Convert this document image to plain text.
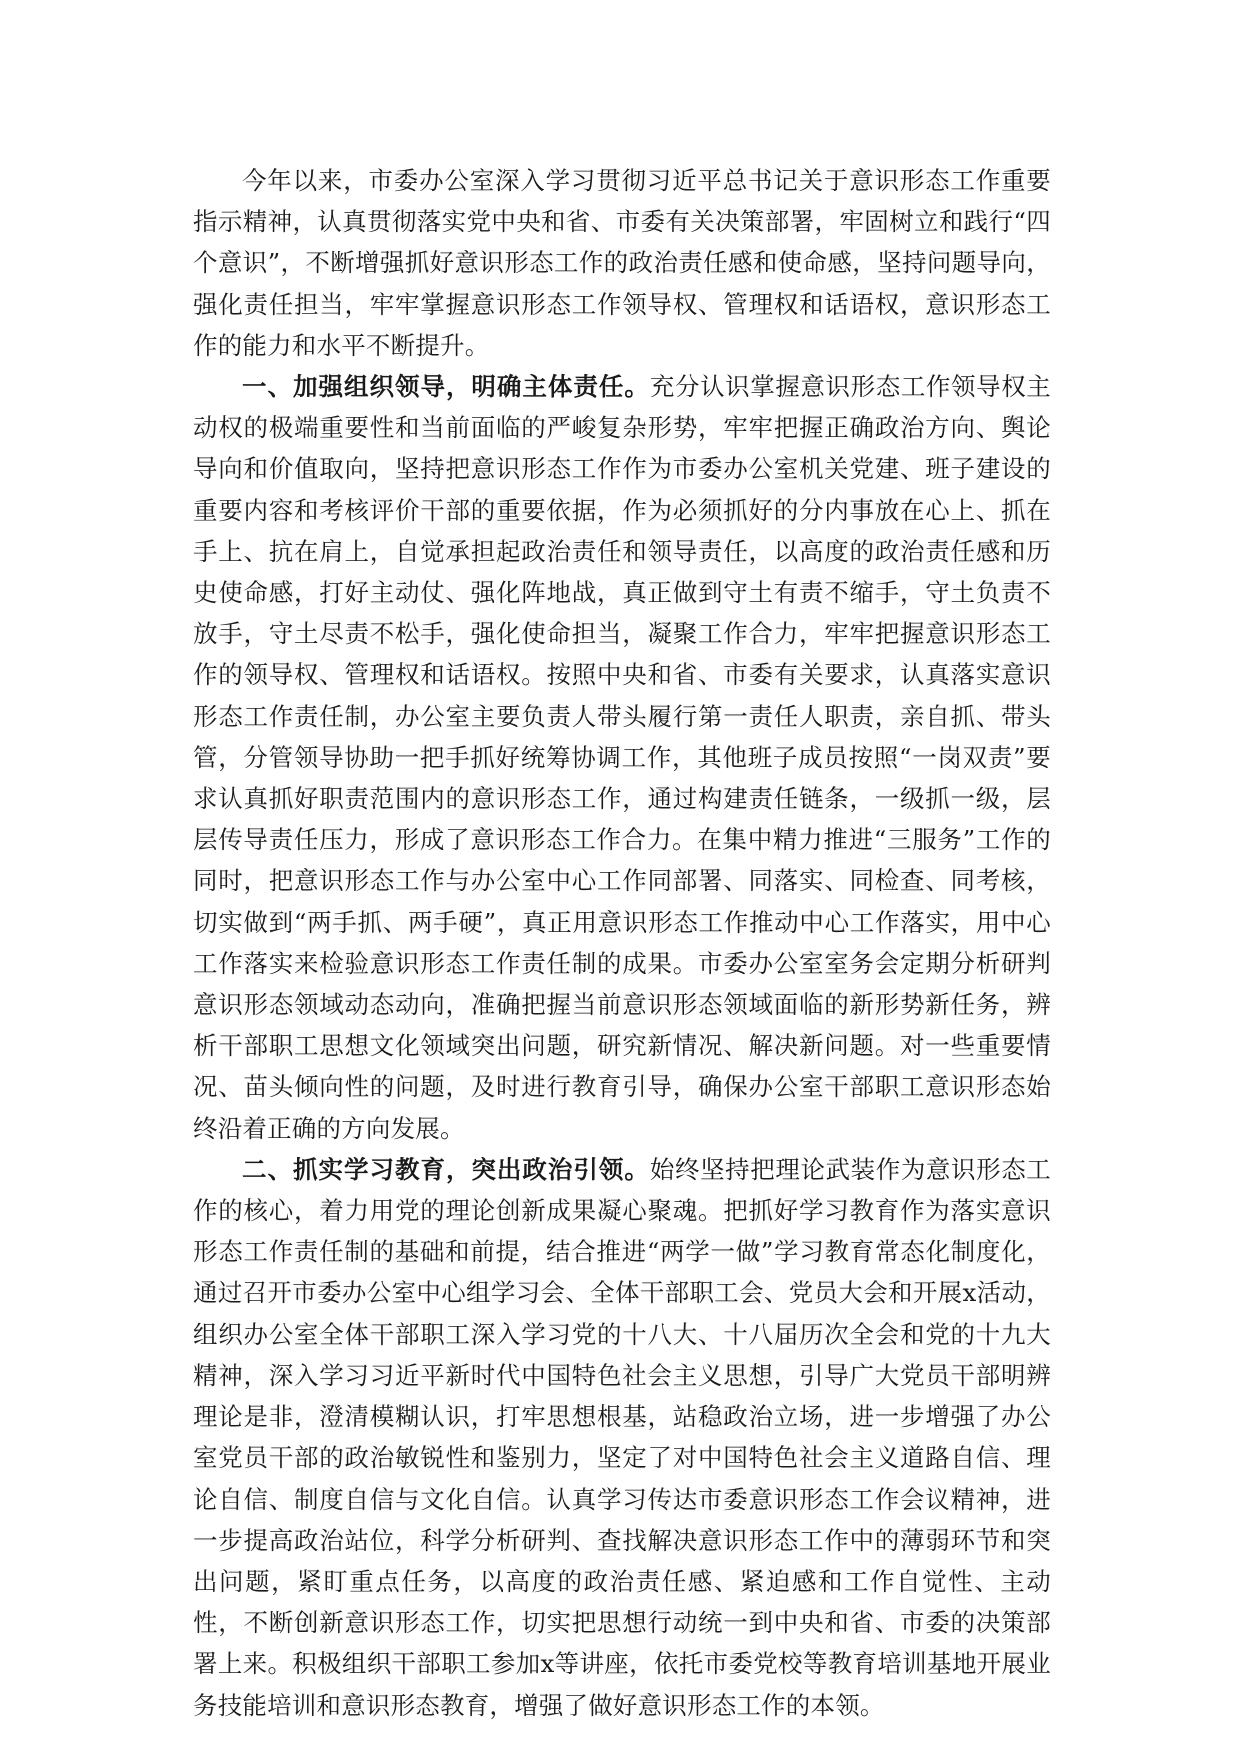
今年以来，市委办公室深入学习贯彻习近平总书记关于意识形态工作重要指示精神，认真贯彻落实党中央和省、市委有关决策部署，牢固树立和践行“四个意识”，不断增强抓好意识形态工作的政治责任感和使命感，坚持问题导向，强化责任担当，牢牢掌握意识形态工作领导权、管理权和话语权，意识形态工作的能力和水平不断提升。

一、加强组织领导，明确主体责任。充分认识掌握意识形态工作领导权主动权的极端重要性和当前面临的严峻复杂形势，牢牢把握正确政治方向、舆论导向和价值取向，坚持把意识形态工作作为市委办公室机关党建、班子建设的重要内容和考核评价干部的重要依据，作为必须抓好的分内事放在心上、抓在手上、抗在肩上，自觉承担起政治责任和领导责任，以高度的政治责任感和历史使命感，打好主动仗、强化阵地战，真正做到守土有责不缩手，守土负责不放手，守土尽责不松手，强化使命担当，凝聚工作合力，牢牢把握意识形态工作的领导权、管理权和话语权。按照中央和省、市委有关要求，认真落实意识形态工作责任制，办公室主要负责人带头履行第一责任人职责，亲自抓、带头管，分管领导协助一把手抓好统筹协调工作，其他班子成员按照“一岗双责”要求认真抓好职责范围内的意识形态工作，通过构建责任链条，一级抓一级，层层传导责任压力，形成了意识形态工作合力。在集中精力推进“三服务”工作的同时，把意识形态工作与办公室中心工作同部署、同落实、同检查、同考核，切实做到“两手抓、两手硬”，真正用意识形态工作推动中心工作落实，用中心工作落实来检验意识形态工作责任制的成果。市委办公室室务会定期分析研判意识形态领域动态动向，准确把握当前意识形态领域面临的新形势新任务，辨析干部职工思想文化领域突出问题，研究新情况、解决新问题。对一些重要情况、苗头倾向性的问题，及时进行教育引导，确保办公室干部职工意识形态始终沿着正确的方向发展。

二、抓实学习教育，突出政治引领。始终坚持把理论武装作为意识形态工作的核心，着力用党的理论创新成果凝心聚魂。把抓好学习教育作为落实意识形态工作责任制的基础和前提，结合推进“两学一做”学习教育常态化制度化，通过召开市委办公室中心组学习会、全体干部职工会、党员大会和开展x活动，组织办公室全体干部职工深入学习党的十八大、十八届历次全会和党的十九大精神，深入学习习近平新时代中国特色社会主义思想，引导广大党员干部明辨理论是非，澄清模糊认识，打牢思想根基，站稳政治立场，进一步增强了办公室党员干部的政治敏锐性和鉴别力，坚定了对中国特色社会主义道路自信、理论自信、制度自信与文化自信。认真学习传达市委意识形态工作会议精神，进一步提高政治站位，科学分析研判、查找解决意识形态工作中的薄弱环节和突出问题，紧盯重点任务，以高度的政治责任感、紧迫感和工作自觉性、主动性，不断创新意识形态工作，切实把思想行动统一到中央和省、市委的决策部署上来。积极组织干部职工参加x等讲座，依托市委党校等教育培训基地开展业务技能培训和意识形态教育，增强了做好意识形态工作的本领。
